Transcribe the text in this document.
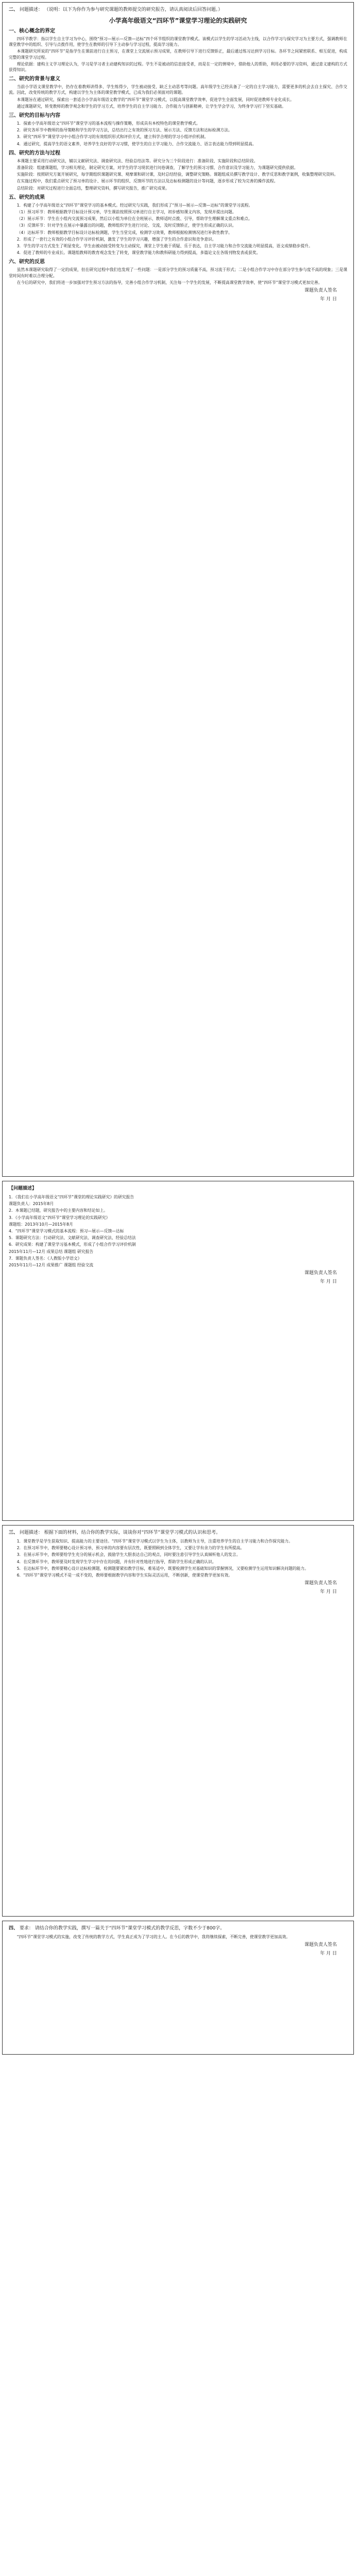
二、 问题描述： （说明：以下为你作为参与研究课题的教师提交的研究报告，请认真阅读后回答问题。）
小学高年级语文“四环节”课堂学习理论的实践研究
一、核心概念的界定
四环节教学：指以学生自主学习为中心，围绕“预习—展示—反馈—达标”四个环节组织的课堂教学模式。该模式以学生的学习活动为主线，以合作学习与探究学习为主要方式，强调教师在课堂教学中的组织、引导与点拨作用，使学生在教师的引导下主动参与学习过程，提高学习能力。
本课题研究所说的“四环节”是指学生在课前进行自主预习，在课堂上交流展示预习成果，在教师引导下进行反馈矫正，最后通过练习达到学习目标。各环节之间紧密联系、相互促进，构成完整的课堂学习过程。
理论依据：建构主义学习理论认为，学习是学习者主动建构知识的过程。学生不是被动的信息接受者，而是在一定的情境中，借助他人的帮助，利用必要的学习资料，通过意义建构的方式获得知识。
二、研究的背景与意义
当前小学语文课堂教学中，仍存在着教师讲得多、学生练得少，学生被动接受、缺乏主动思考等问题。高年级学生已经具备了一定的自主学习能力，需要更多的机会去自主探究、合作交流。因此，改变传统的教学方式，构建以学生为主体的课堂教学模式，已成为我们必须面对的课题。
本课题旨在通过研究，探索出一套适合小学高年级语文教学的“四环节”课堂学习模式，以提高课堂教学效率，促进学生全面发展，同时促进教师专业化成长。
通过课题研究，转变教师的教学观念和学生的学习方式，培养学生的自主学习能力、合作能力与创新精神，让学生学会学习，为终身学习打下坚实基础。
三、研究的目标与内容
1．探索小学高年级语文“四环节”课堂学习的基本流程与操作策略，形成具有本校特色的课堂教学模式。
2．研究各环节中教师的指导策略和学生的学习方法，总结出行之有效的预习方法、展示方法、反馈方法和达标检测方法。
3．研究“四环节”课堂学习中小组合作学习的有效组织形式和评价方式，建立科学合理的学习小组评价机制。
4．通过研究，提高学生的语文素养，培养学生良好的学习习惯，使学生的自主学习能力、合作交流能力、语言表达能力得到明显提高。
四、研究的方法与过程
本课题主要采用行动研究法，辅以文献研究法、调查研究法、经验总结法等。研究分为三个阶段进行：准备阶段、实施阶段和总结阶段。
准备阶段：组建课题组，学习相关理论，制定研究方案，对学生的学习现状进行问卷调查，了解学生的预习习惯、合作意识及学习能力，为课题研究提供依据。
实施阶段：按照研究方案开展研究，每学期组织课题研究课、观摩课和研讨课，及时总结经验，调整研究策略。课题组成员撰写教学设计、教学反思和教学案例，收集整理研究资料。
在实施过程中，我们重点研究了预习单的设计、展示环节的组织、反馈环节的方法以及达标检测题的设计等问题，逐步形成了较为完善的操作流程。
总结阶段：对研究过程进行全面总结，整理研究资料，撰写研究报告，推广研究成果。
五、研究的成果
1．构建了小学高年级语文“四环节”课堂学习的基本模式。经过研究与实践，我们形成了“预习—展示—反馈—达标”的课堂学习流程。
（1）预习环节：教师根据教学目标设计预习单，学生课前按照预习单进行自主学习，初步感知课文内容，发现并提出问题。
（2）展示环节：学生在小组内交流预习成果，然后以小组为单位在全班展示，教师适时点拨、引导，帮助学生理解课文重点和难点。
（3）反馈环节：针对学生在展示中暴露出的问题，教师组织学生进行讨论、交流，及时反馈矫正，使学生形成正确的认识。
（4）达标环节：教师根据教学目标设计达标检测题，学生当堂完成，检测学习效果，教师根据检测情况进行补救性教学。
2．形成了一套行之有效的小组合作学习评价机制，激发了学生的学习兴趣，增强了学生的合作意识和竞争意识。
3．学生的学习方式发生了明显变化。学生由被动接受转变为主动探究，课堂上学生敢于质疑、乐于表达，自主学习能力和合作交流能力明显提高，语文成绩稳步提升。
4．促进了教师的专业成长。课题组教师的教育观念发生了转变，课堂教学能力和教科研能力得到提高，多篇论文在各级刊物发表或获奖。
六、研究的反思
虽然本课题研究取得了一定的成果，但在研究过程中我们也发现了一些问题：一是部分学生的预习质量不高，预习流于形式；二是小组合作学习中存在部分学生参与度不高的现象；三是课堂时间有时难以合理分配。
在今后的研究中，我们将进一步加强对学生预习方法的指导，完善小组合作学习机制，关注每一个学生的发展，不断提高课堂教学效率，使“四环节”课堂学习模式更加完善。
课题负责人签名
年 月 日
【问题描述】
1．《我们在小学高年级语文“四环节”课堂的理论实践研究》的研究报告
课题负责人：2015年8月
2．本课题已结题，研究报告中的主要内容和结论如上。
3．《小学高年级语文“四环节”课堂学习理论的实践研究》
课题组：2013年10月—2015年8月
4．“四环节”课堂学习模式的基本流程：预习—展示—反馈—达标
5．课题研究方法：行动研究法、文献研究法、调查研究法、经验总结法
6．研究成果：构建了课堂学习基本模式，形成了小组合作学习评价机制
2015年11月—12月 成果总结 课题组 研究报告
7．课题负责人签名：《人教版小学语文》
2015年11月—12月 成果推广 课题组 经验交流
课题负责人签名
年 月 日
三、 问题描述： 根据下面的材料，结合你的教学实际，谈谈你对“四环节”课堂学习模式的认识和思考。
1．课堂教学是学生获取知识、提高能力的主要途径。“四环节”课堂学习模式以学生为主体，以教师为主导，注重培养学生的自主学习能力和合作探究能力。
2．在预习环节中，教师要精心设计预习单，预习单的内容要有层次性，既要照顾到全体学生，又要让学有余力的学生有所提高。
3．在展示环节中，教师要给学生充分的展示机会，鼓励学生大胆表达自己的观点，同时要注意引导学生认真倾听他人的发言。
4．在反馈环节中，教师要及时发现学生学习中存在的问题，并有针对性地进行指导，帮助学生形成正确的认识。
5．在达标环节中，教师要精心设计达标检测题，检测题要紧扣教学目标，难易适中，既要检测学生对基础知识的掌握情况，又要检测学生运用知识解决问题的能力。
6．“四环节”课堂学习模式不是一成不变的，教师要根据教学内容和学生实际灵活运用，不断创新，使课堂教学更加有效。
课题负责人签名
年 月 日
四、 要求： 请结合你的教学实践，撰写一篇关于“四环节”课堂学习模式的教学反思，字数不少于800字。
“四环节”课堂学习模式的实施，改变了传统的教学方式，学生真正成为了学习的主人。在今后的教学中，我将继续探索，不断完善，使课堂教学更加高效。
课题负责人签名
年 月 日
